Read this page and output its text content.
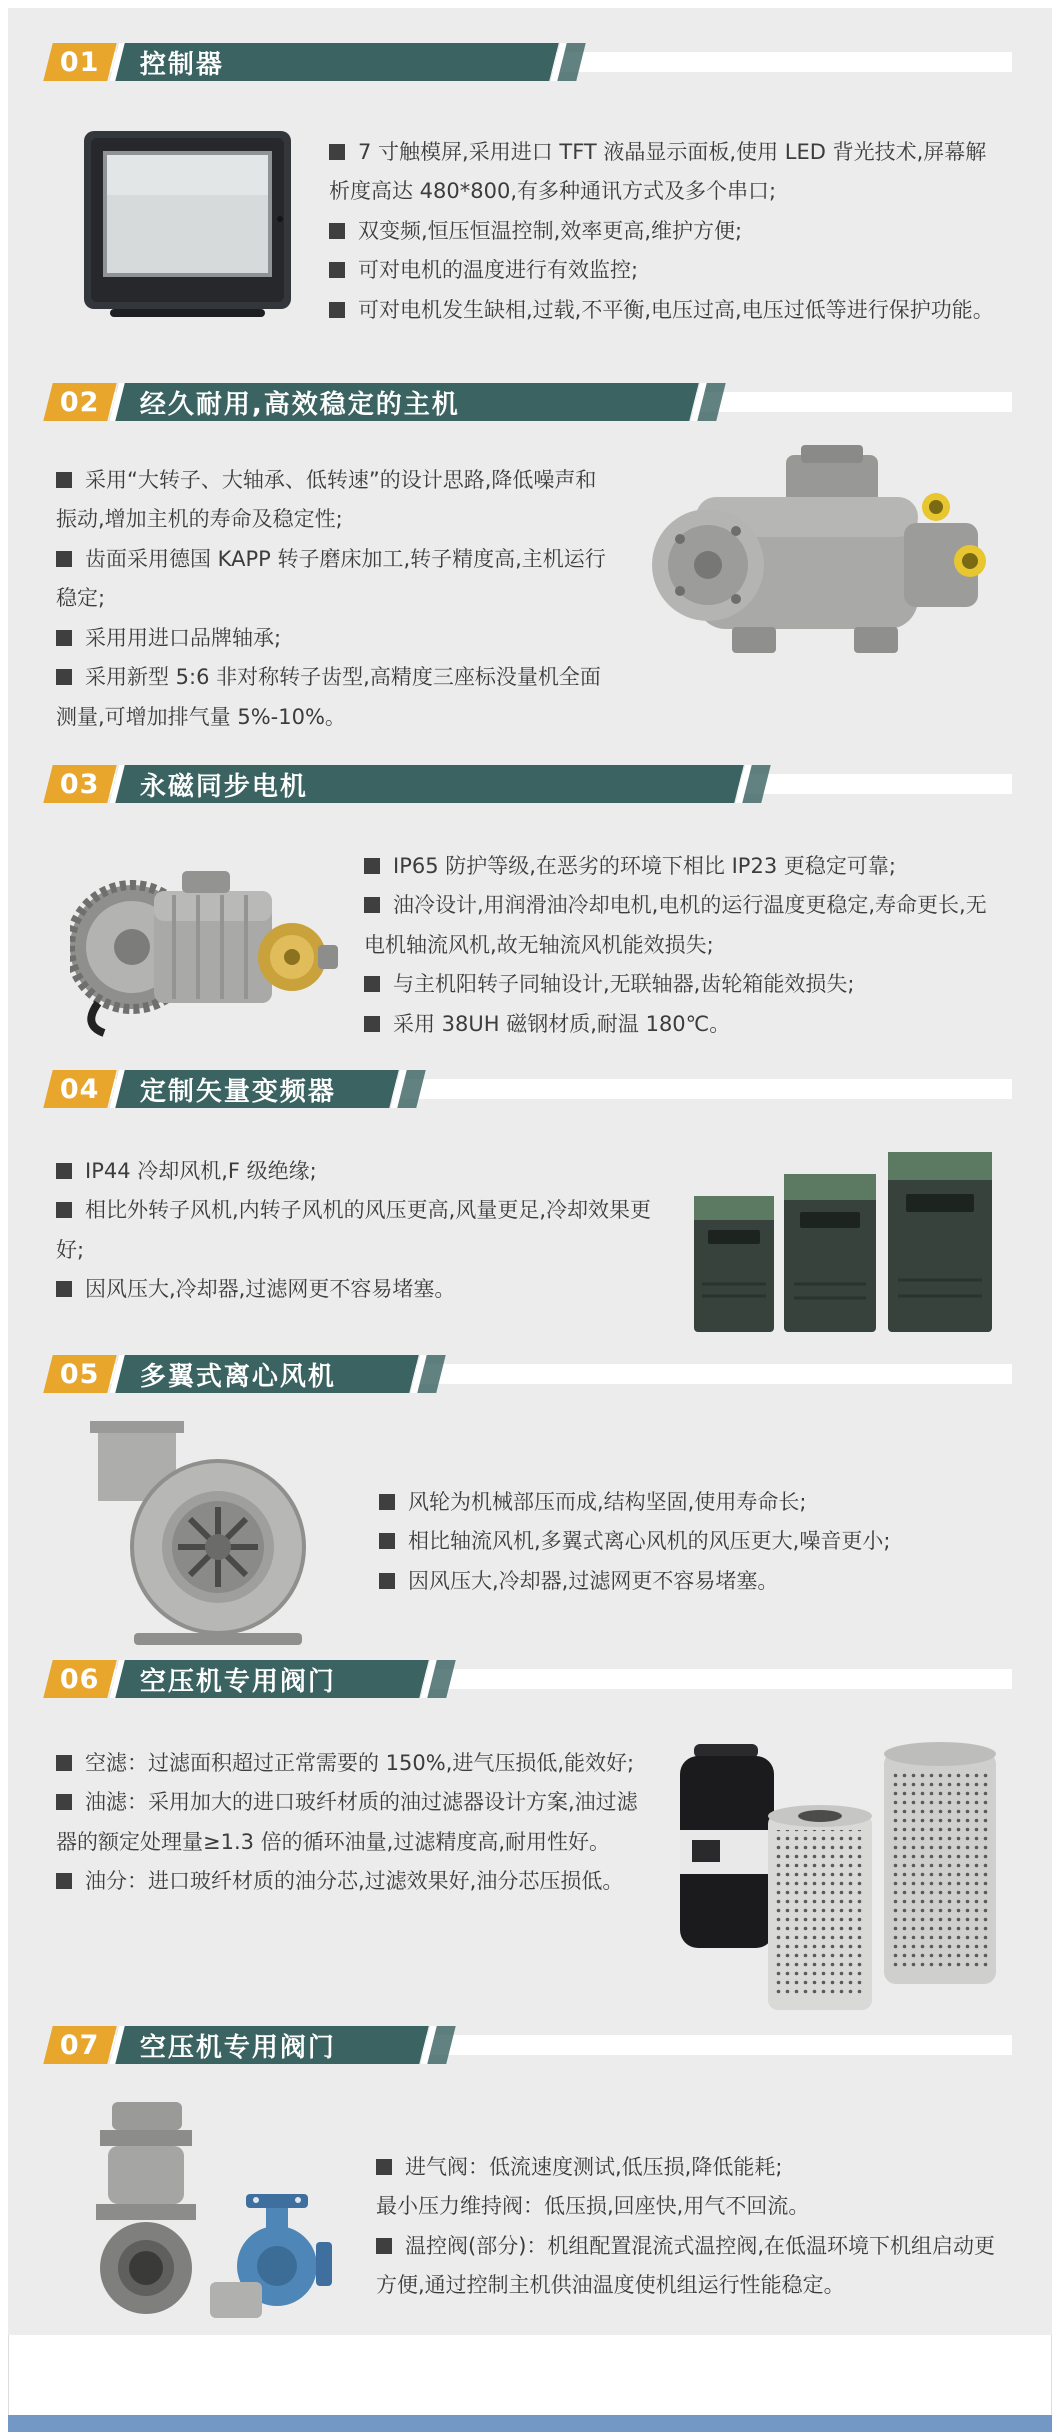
01	控制器

7 寸触模屏,采用进口 TFT 液晶显示面板,使用 LED 背光技术,屏幕解析度高达 480*800,有多种通讯方式及多个串口;

双变频,恒压恒温控制,效率更高,维护方便;

可对电机的温度进行有效监控;

可对电机发生缺相,过载,不平衡,电压过高,电压过低等进行保护功能。

02	经久耐用,高效稳定的主机

采用“大转子、大轴承、低转速”的设计思路,降低噪声和振动,增加主机的寿命及稳定性;

齿面采用德国 KAPP 转子磨床加工,转子精度高,主机运行稳定;

采用用进口品牌轴承;

采用新型 5:6 非对称转子齿型,高精度三座标没量机全面测量,可增加排气量 5%-10%。

03	永磁同步电机

IP65 防护等级,在恶劣的环境下相比 IP23 更稳定可靠;

油冷设计,用润滑油冷却电机,电机的运行温度更稳定,寿命更长,无电机轴流风机,故无轴流风机能效损失;

与主机阳转子同轴设计,无联轴器,齿轮箱能效损失;

采用 38UH 磁钢材质,耐温 180℃。

04	定制矢量变频器

IP44 冷却风机,F 级绝缘;

相比外转子风机,内转子风机的风压更高,风量更足,冷却效果更好;

因风压大,冷却器,过滤网更不容易堵塞。

05	多翼式离心风机

风轮为机械部压而成,结构坚固,使用寿命长;

相比轴流风机,多翼式离心风机的风压更大,噪音更小;

因风压大,冷却器,过滤网更不容易堵塞。

06	空压机专用阀门

空滤：过滤面积超过正常需要的 150%,进气压损低,能效好;

油滤：采用加大的进口玻纤材质的油过滤器设计方案,油过滤器的额定处理量≥1.3 倍的循环油量,过滤精度高,耐用性好。

油分：进口玻纤材质的油分芯,过滤效果好,油分芯压损低。

07	空压机专用阀门

进气阀：低流速度测试,低压损,降低能耗;

最小压力维持阀：低压损,回座快,用气不回流。

温控阀(部分)：机组配置混流式温控阀,在低温环境下机组启动更方便,通过控制主机供油温度使机组运行性能稳定。
